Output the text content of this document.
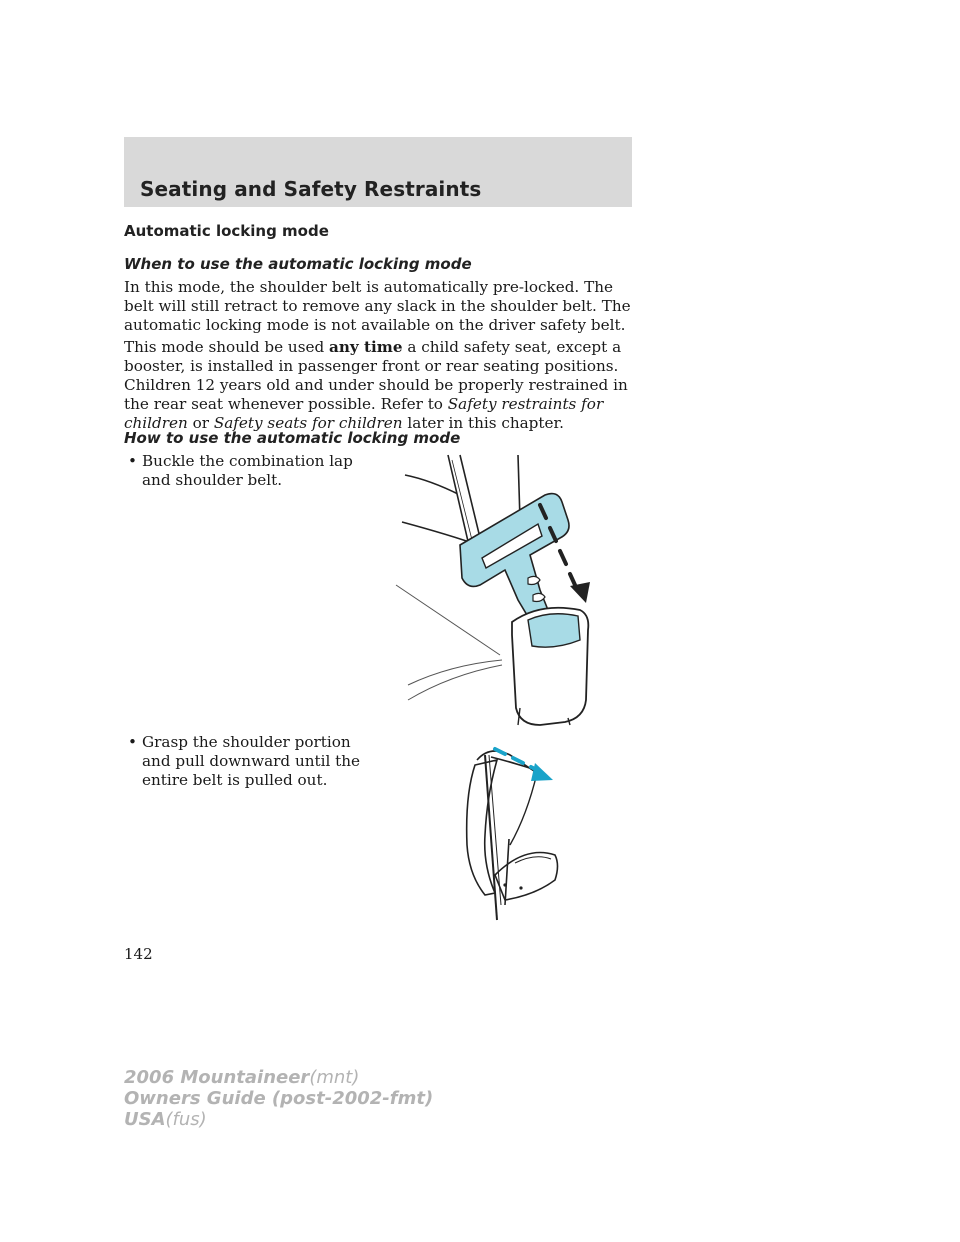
Seating and Safety Restraints
Automatic locking mode
When to use the automatic locking mode
In this mode, the shoulder belt is automatically pre-locked. The belt will still retract to remove any slack in the shoulder belt. The automatic locking mode is not available on the driver safety belt.
This mode should be used any time a child safety seat, except a booster, is installed in passenger front or rear seating positions. Children 12 years old and under should be properly restrained in the rear seat whenever possible. Refer to Safety restraints for children or Safety seats for children later in this chapter.
How to use the automatic locking mode
• Buckle the combination lap and shoulder belt.
• Grasp the shoulder portion and pull downward until the entire belt is pulled out.
142
2006 Mountaineer(mnt)
Owners Guide (post-2002-fmt)
USA(fus)
